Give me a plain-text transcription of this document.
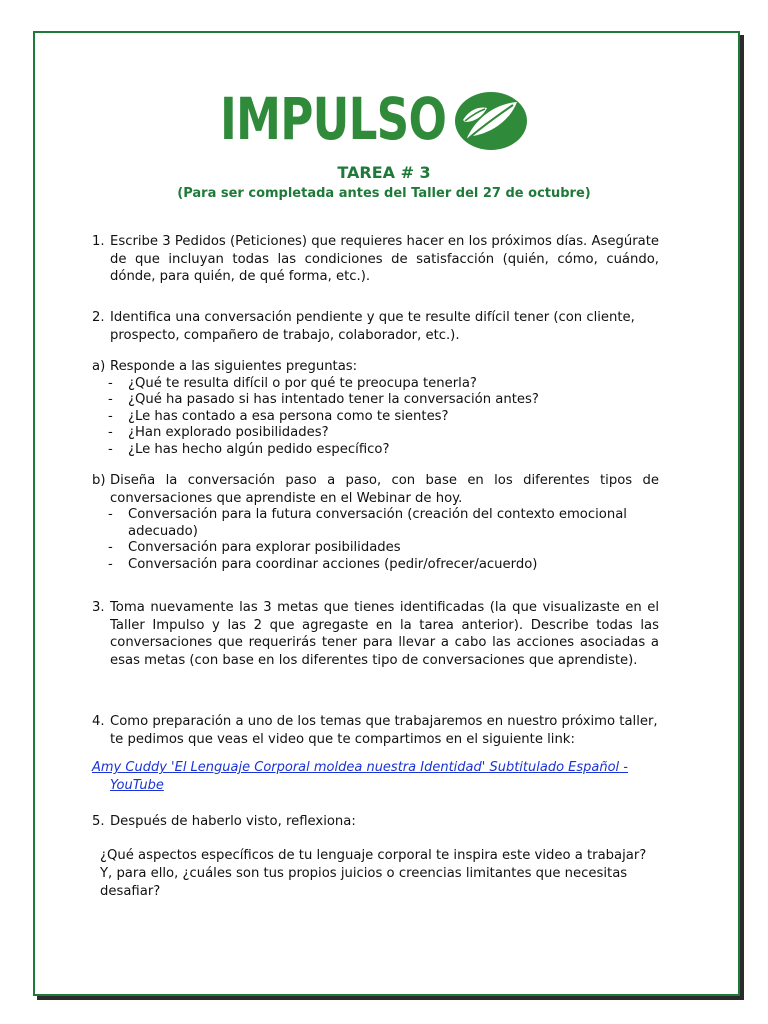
IMPULSO
TAREA # 3
(Para ser completada antes del Taller del 27 de octubre)
1. Escribe 3 Pedidos (Peticiones) que requieres hacer en los próximos días. Asegúrate de que incluyan todas las condiciones de satisfacción (quién, cómo, cuándo, dónde, para quién, de qué forma, etc.).
2. Identifica una conversación pendiente y que te resulte difícil tener (con cliente, prospecto, compañero de trabajo, colaborador, etc.).
a) Responde a las siguientes preguntas:
- ¿Qué te resulta difícil o por qué te preocupa tenerla?
- ¿Qué ha pasado si has intentado tener la conversación antes?
- ¿Le has contado a esa persona como te sientes?
- ¿Han explorado posibilidades?
- ¿Le has hecho algún pedido específico?
b) Diseña la conversación paso a paso, con base en los diferentes tipos de conversaciones que aprendiste en el Webinar de hoy.
- Conversación para la futura conversación (creación del contexto emocional adecuado)
- Conversación para explorar posibilidades
- Conversación para coordinar acciones (pedir/ofrecer/acuerdo)
3. Toma nuevamente las 3 metas que tienes identificadas (la que visualizaste en el Taller Impulso y las 2 que agregaste en la tarea anterior). Describe todas las conversaciones que requerirás tener para llevar a cabo las acciones asociadas a esas metas (con base en los diferentes tipo de conversaciones que aprendiste).
4. Como preparación a uno de los temas que trabajaremos en nuestro próximo taller, te pedimos que veas el video que te compartimos en el siguiente link:
Amy Cuddy 'El Lenguaje Corporal moldea nuestra Identidad' Subtitulado Español -
YouTube
5. Después de haberlo visto, reflexiona:
¿Qué aspectos específicos de tu lenguaje corporal te inspira este video a trabajar? Y, para ello, ¿cuáles son tus propios juicios o creencias limitantes que necesitas desafiar?
